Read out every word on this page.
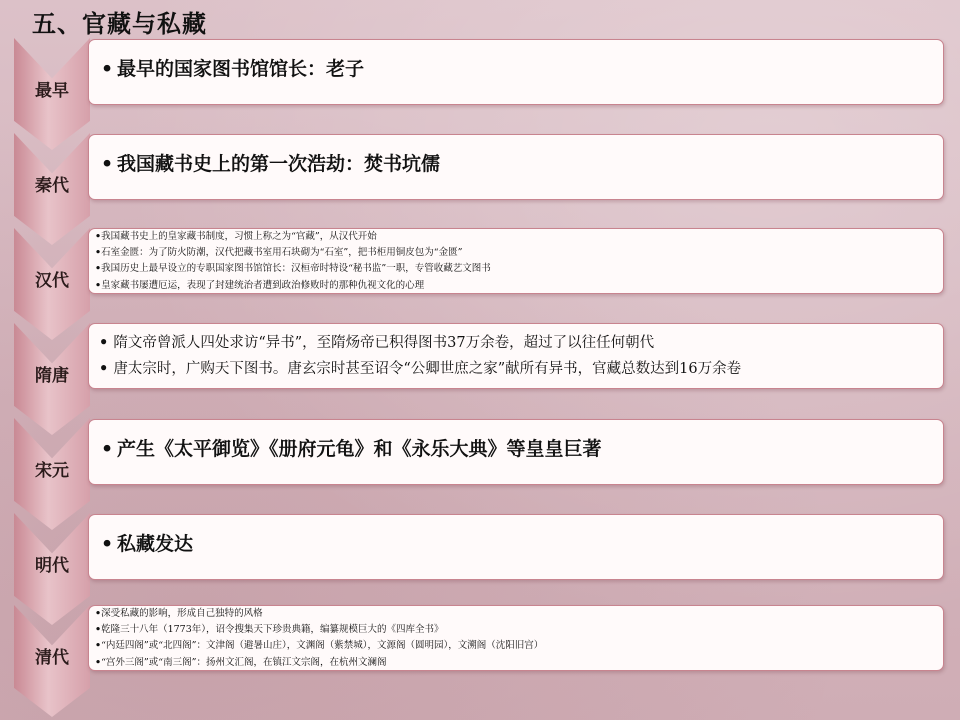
五、官藏与私藏
最早
• 最早的国家图书馆馆长：老子
秦代
• 我国藏书史上的第一次浩劫：焚书坑儒
汉代
•我国藏书史上的皇家藏书制度，习惯上称之为“官藏”，从汉代开始
•石室金匮：为了防火防潮，汉代把藏书室用石块砌为“石室”，把书柜用铜皮包为“金匮”
•我国历史上最早设立的专职国家图书馆馆长：汉桓帝时特设“秘书监”一职，专管收藏艺文图书
•皇家藏书屡遭厄运，表现了封建统治者遭到政治修败时的那种仇视文化的心理
隋唐
• 隋文帝曾派人四处求访“异书”，至隋炀帝已积得图书37万余卷，超过了以往任何朝代
• 唐太宗时，广购天下图书。唐玄宗时甚至诏令“公卿世庶之家”献所有异书，官藏总数达到16万余卷
宋元
• 产生《太平御览》《册府元龟》和《永乐大典》等皇皇巨著
明代
• 私藏发达
清代
•深受私藏的影响，形成自己独特的风格
•乾隆三十八年（1773年），诏令搜集天下珍贵典籍，编纂规模巨大的《四库全书》
•“内廷四阁”或“北四阁”：文津阁（避暑山庄），文渊阁（紫禁城），文源阁（圆明园），文溯阁（沈阳旧宫）
•“宫外三阁”或“南三阁”：扬州文汇阁，在镇江文宗阁，在杭州文澜阁
